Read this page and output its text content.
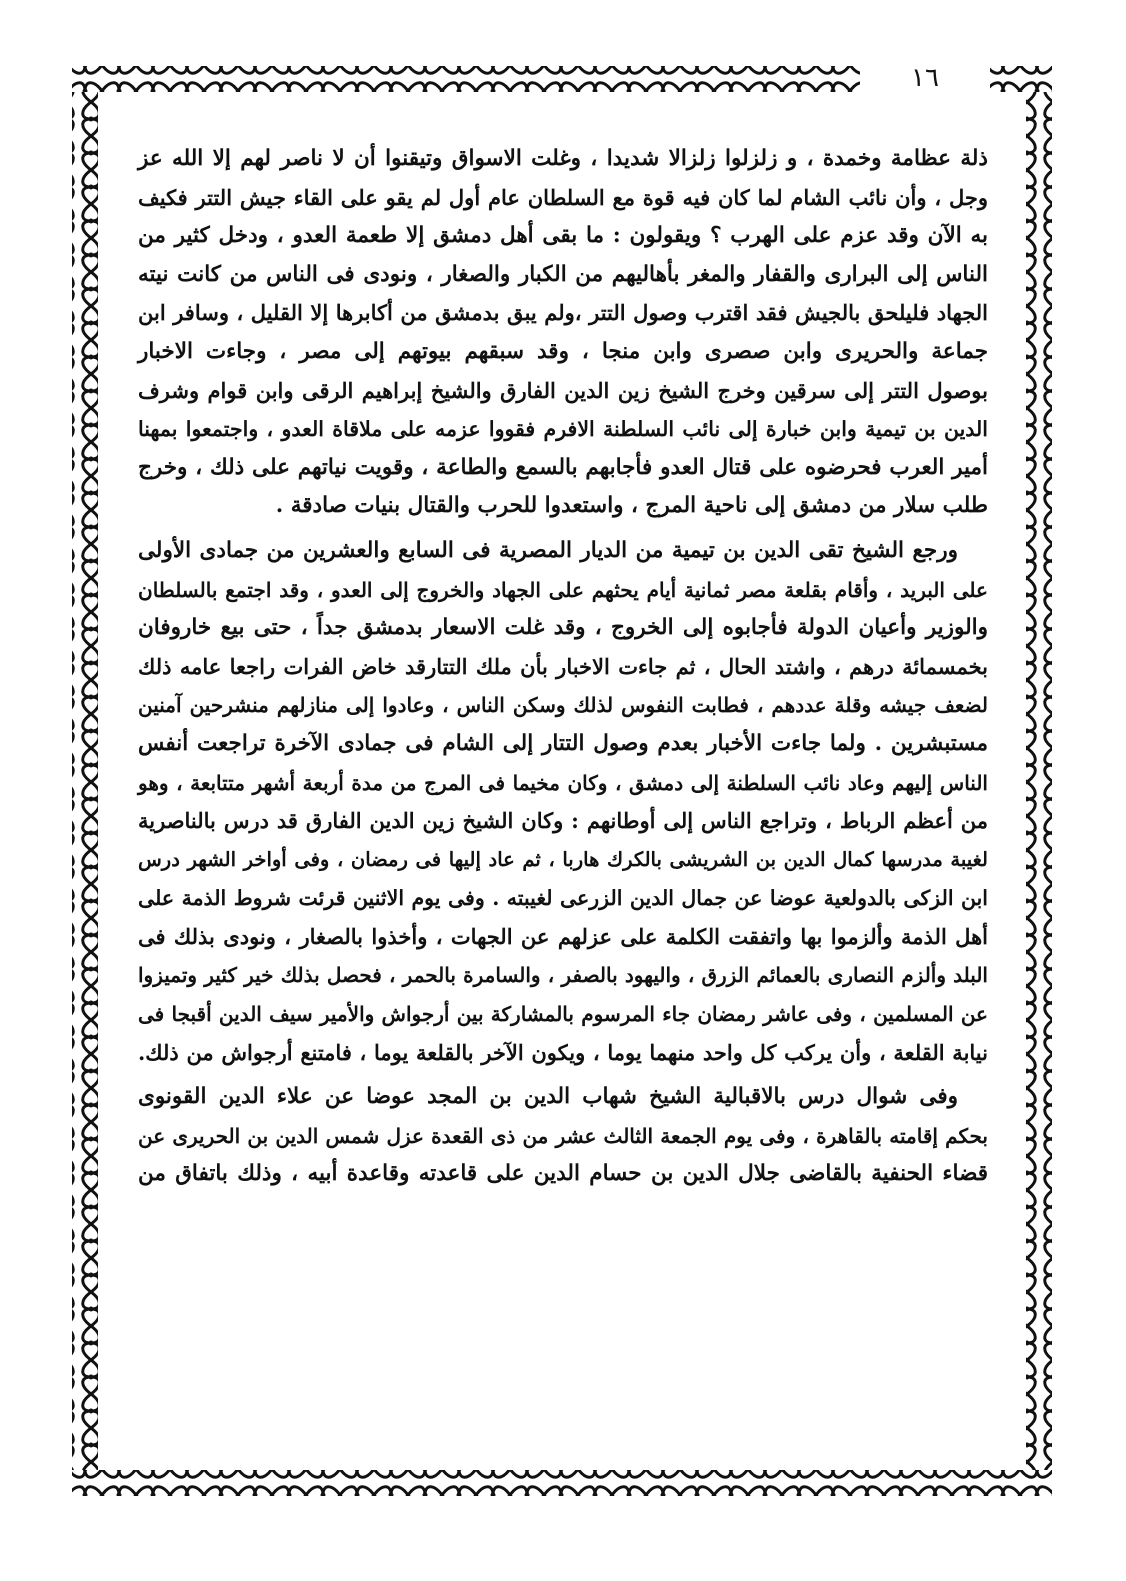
١٦
ذلة عظامة وخمدة ، و زلزلوا زلزالا شديدا ، وغلت الاسواق وتيقنوا أن لا ناصر لهم إلا الله عز
وجل ، وأن نائب الشام لما كان فيه قوة مع السلطان عام أول لم يقو على القاء جيش التتر فكيف
به الآن وقد عزم على الهرب ؟ ويقولون : ما بقى أهل دمشق إلا طعمة العدو ، ودخل كثير من
الناس إلى البرارى والقفار والمغر بأهاليهم من الكبار والصغار ، ونودى فى الناس من كانت نيته
الجهاد فليلحق بالجيش فقد اقترب وصول التتر ،ولم يبق بدمشق من أكابرها إلا القليل ، وسافر ابن
جماعة والحريرى وابن صصرى وابن منجا ، وقد سبقهم بيوتهم إلى مصر ، وجاءت الاخبار
بوصول التتر إلى سرقين وخرج الشيخ زين الدين الفارق والشيخ إبراهيم الرقى وابن قوام وشرف
الدين بن تيمية وابن خبارة إلى نائب السلطنة الافرم فقووا عزمه على ملاقاة العدو ، واجتمعوا بمهنا
أمير العرب فحرضوه على قتال العدو فأجابهم بالسمع والطاعة ، وقويت نياتهم على ذلك ، وخرج
طلب سلار من دمشق إلى ناحية المرج ، واستعدوا للحرب والقتال بنيات صادقة .
ورجع الشيخ تقى الدين بن تيمية من الديار المصرية فى السابع والعشرين من جمادى الأولى
على البريد ، وأقام بقلعة مصر ثمانية أيام يحثهم على الجهاد والخروج إلى العدو ، وقد اجتمع بالسلطان
والوزير وأعيان الدولة فأجابوه إلى الخروج ، وقد غلت الاسعار بدمشق جداً ، حتى بيع خاروفان
بخمسمائة درهم ، واشتد الحال ، ثم جاءت الاخبار بأن ملك التتارقد خاض الفرات راجعا عامه ذلك
لضعف جيشه وقلة عددهم ، فطابت النفوس لذلك وسكن الناس ، وعادوا إلى منازلهم منشرحين آمنين
مستبشرين . ولما جاءت الأخبار بعدم وصول التتار إلى الشام فى جمادى الآخرة تراجعت أنفس
الناس إليهم وعاد نائب السلطنة إلى دمشق ، وكان مخيما فى المرج من مدة أربعة أشهر متتابعة ، وهو
من أعظم الرباط ، وتراجع الناس إلى أوطانهم : وكان الشيخ زين الدين الفارق قد درس بالناصرية
لغيبة مدرسها كمال الدين بن الشريشى بالكرك هاربا ، ثم عاد إليها فى رمضان ، وفى أواخر الشهر درس
ابن الزكى بالدولعية عوضا عن جمال الدين الزرعى لغيبته . وفى يوم الاثنين قرئت شروط الذمة على
أهل الذمة وألزموا بها واتفقت الكلمة على عزلهم عن الجهات ، وأخذوا بالصغار ، ونودى بذلك فى
البلد وألزم النصارى بالعمائم الزرق ، واليهود بالصفر ، والسامرة بالحمر ، فحصل بذلك خير كثير وتميزوا
عن المسلمين ، وفى عاشر رمضان جاء المرسوم بالمشاركة بين أرجواش والأمير سيف الدين أقبجا فى
نيابة القلعة ، وأن يركب كل واحد منهما يوما ، ويكون الآخر بالقلعة يوما ، فامتنع أرجواش من ذلك.
وفى شوال درس بالاقبالية الشيخ شهاب الدين بن المجد عوضا عن علاء الدين القونوى
بحكم إقامته بالقاهرة ، وفى يوم الجمعة الثالث عشر من ذى القعدة عزل شمس الدين بن الحريرى عن
قضاء الحنفية بالقاضى جلال الدين بن حسام الدين على قاعدته وقاعدة أبيه ، وذلك باتفاق من
